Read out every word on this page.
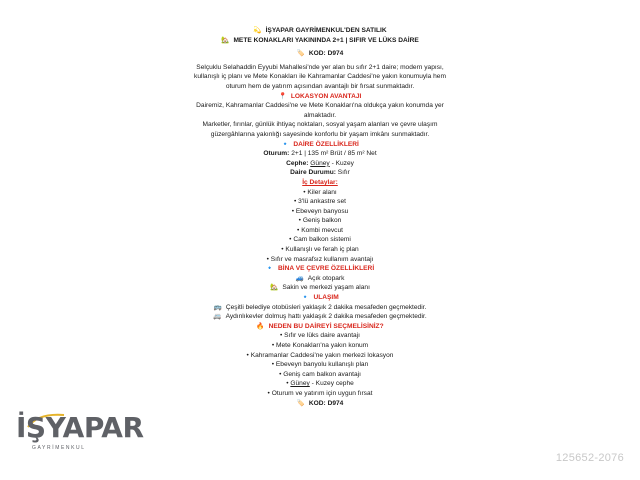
💫 İŞYAPAR GAYRİMENKUL'DEN SATILIK
🏡 METE KONAKLARI YAKININDA 2+1 | SIFIR VE LÜKS DAİRE
🏷️ KOD: D974
Selçuklu Selahaddin Eyyubi Mahallesi'nde yer alan bu sıfır 2+1 daire; modern yapısı,
kullanışlı iç planı ve Mete Konakları ile Kahramanlar Caddesi'ne yakın konumuyla hem
oturum hem de yatırım açısından avantajlı bir fırsat sunmaktadır.
📍 LOKASYON AVANTAJI
Dairemiz, Kahramanlar Caddesi'ne ve Mete Konakları'na oldukça yakın konumda yer
almaktadır.
Marketler, fırınlar, günlük ihtiyaç noktaları, sosyal yaşam alanları ve çevre ulaşım
güzergâhlarına yakınlığı sayesinde konforlu bir yaşam imkânı sunmaktadır.
🔹 DAİRE ÖZELLİKLERİ
Oturum: 2+1 | 135 m² Brüt / 85 m² Net
Cephe: Güney - Kuzey
Daire Durumu: Sıfır
İç Detaylar:
• Kiler alanı
• 3'lü ankastre set
• Ebeveyn banyosu
• Geniş balkon
• Kombi mevcut
• Cam balkon sistemi
• Kullanışlı ve ferah iç plan
• Sıfır ve masrafsız kullanım avantajı
🔹 BİNA VE ÇEVRE ÖZELLİKLERİ
🚙 Açık otopark
🏡 Sakin ve merkezi yaşam alanı
🔹 ULAŞIM
🚌 Çeşitli belediye otobüsleri yaklaşık 2 dakika mesafeden geçmektedir.
🚐 Aydınlıkevler dolmuş hattı yaklaşık 2 dakika mesafeden geçmektedir.
🔥 NEDEN BU DAİREYİ SEÇMELİSİNİZ?
• Sıfır ve lüks daire avantajı
• Mete Konakları'na yakın konum
• Kahramanlar Caddesi'ne yakın merkezi lokasyon
• Ebeveyn banyolu kullanışlı plan
• Geniş cam balkon avantajı
• Güney - Kuzey cephe
• Oturum ve yatırım için uygun fırsat
🏷️ KOD: D974
İŞYAPAR
GAYRİMENKUL
125652-2076
